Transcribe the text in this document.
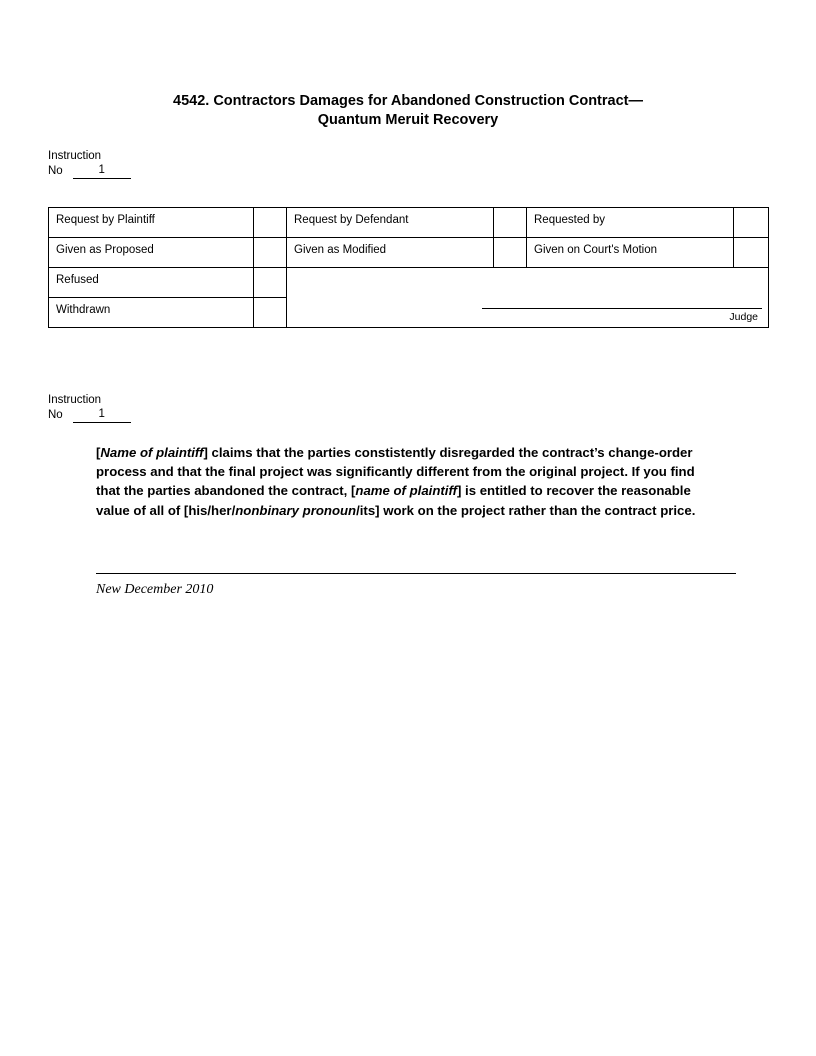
4542. Contractors Damages for Abandoned Construction Contract—
Quantum Meruit Recovery
Instruction
No	1
Request by Plaintiff		Request by Defendant		Requested by	
Given as Proposed		Given as Modified		Given on Court's Motion	
Refused		Judge			

Withdrawn					
Instruction
No	1
[Name of plaintiff] claims that the parties constistently disregarded the contract’s change-order process and that the final project was significantly different from the original project. If you find that the parties abandoned the contract, [name of plaintiff] is entitled to recover the reasonable value of all of [his/her/nonbinary pronoun/its] work on the project rather than the contract price.
New December 2010
